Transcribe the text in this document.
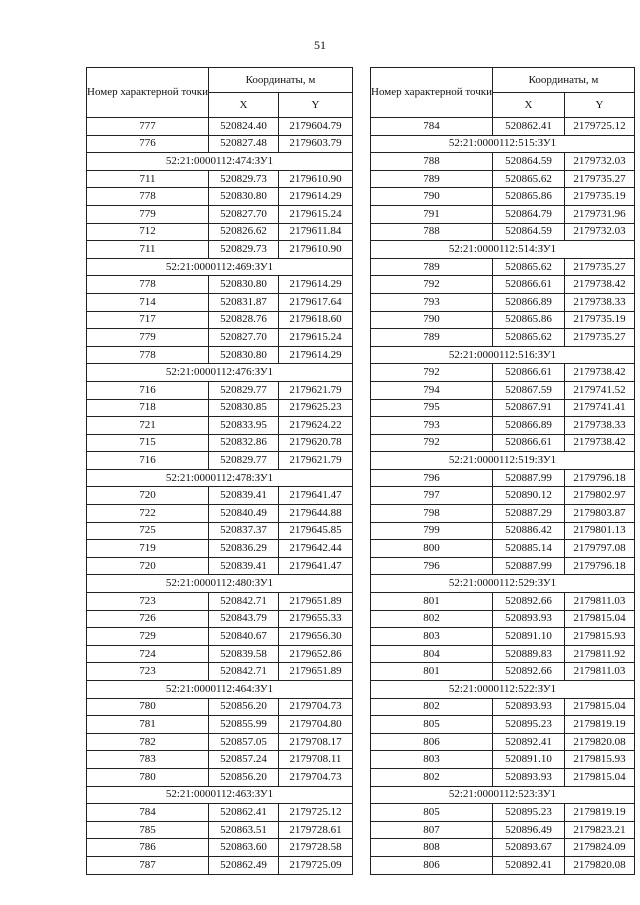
51
Номер характерной точки	Координаты, м	
	X	Y
777	520824.40	2179604.79
776	520827.48	2179603.79
52:21:0000112:474:ЗУ1		
711	520829.73	2179610.90
778	520830.80	2179614.29
779	520827.70	2179615.24
712	520826.62	2179611.84
711	520829.73	2179610.90
52:21:0000112:469:ЗУ1		
778	520830.80	2179614.29
714	520831.87	2179617.64
717	520828.76	2179618.60
779	520827.70	2179615.24
778	520830.80	2179614.29
52:21:0000112:476:ЗУ1		
716	520829.77	2179621.79
718	520830.85	2179625.23
721	520833.95	2179624.22
715	520832.86	2179620.78
716	520829.77	2179621.79
52:21:0000112:478:ЗУ1		
720	520839.41	2179641.47
722	520840.49	2179644.88
725	520837.37	2179645.85
719	520836.29	2179642.44
720	520839.41	2179641.47
52:21:0000112:480:ЗУ1		
723	520842.71	2179651.89
726	520843.79	2179655.33
729	520840.67	2179656.30
724	520839.58	2179652.86
723	520842.71	2179651.89
52:21:0000112:464:ЗУ1		
780	520856.20	2179704.73
781	520855.99	2179704.80
782	520857.05	2179708.17
783	520857.24	2179708.11
780	520856.20	2179704.73
52:21:0000112:463:ЗУ1		
784	520862.41	2179725.12
785	520863.51	2179728.61
786	520863.60	2179728.58
787	520862.49	2179725.09
Номер характерной точки	Координаты, м	
	X	Y
784	520862.41	2179725.12
52:21:0000112:515:ЗУ1		
788	520864.59	2179732.03
789	520865.62	2179735.27
790	520865.86	2179735.19
791	520864.79	2179731.96
788	520864.59	2179732.03
52:21:0000112:514:ЗУ1		
789	520865.62	2179735.27
792	520866.61	2179738.42
793	520866.89	2179738.33
790	520865.86	2179735.19
789	520865.62	2179735.27
52:21:0000112:516:ЗУ1		
792	520866.61	2179738.42
794	520867.59	2179741.52
795	520867.91	2179741.41
793	520866.89	2179738.33
792	520866.61	2179738.42
52:21:0000112:519:ЗУ1		
796	520887.99	2179796.18
797	520890.12	2179802.97
798	520887.29	2179803.87
799	520886.42	2179801.13
800	520885.14	2179797.08
796	520887.99	2179796.18
52:21:0000112:529:ЗУ1		
801	520892.66	2179811.03
802	520893.93	2179815.04
803	520891.10	2179815.93
804	520889.83	2179811.92
801	520892.66	2179811.03
52:21:0000112:522:ЗУ1		
802	520893.93	2179815.04
805	520895.23	2179819.19
806	520892.41	2179820.08
803	520891.10	2179815.93
802	520893.93	2179815.04
52:21:0000112:523:ЗУ1		
805	520895.23	2179819.19
807	520896.49	2179823.21
808	520893.67	2179824.09
806	520892.41	2179820.08
